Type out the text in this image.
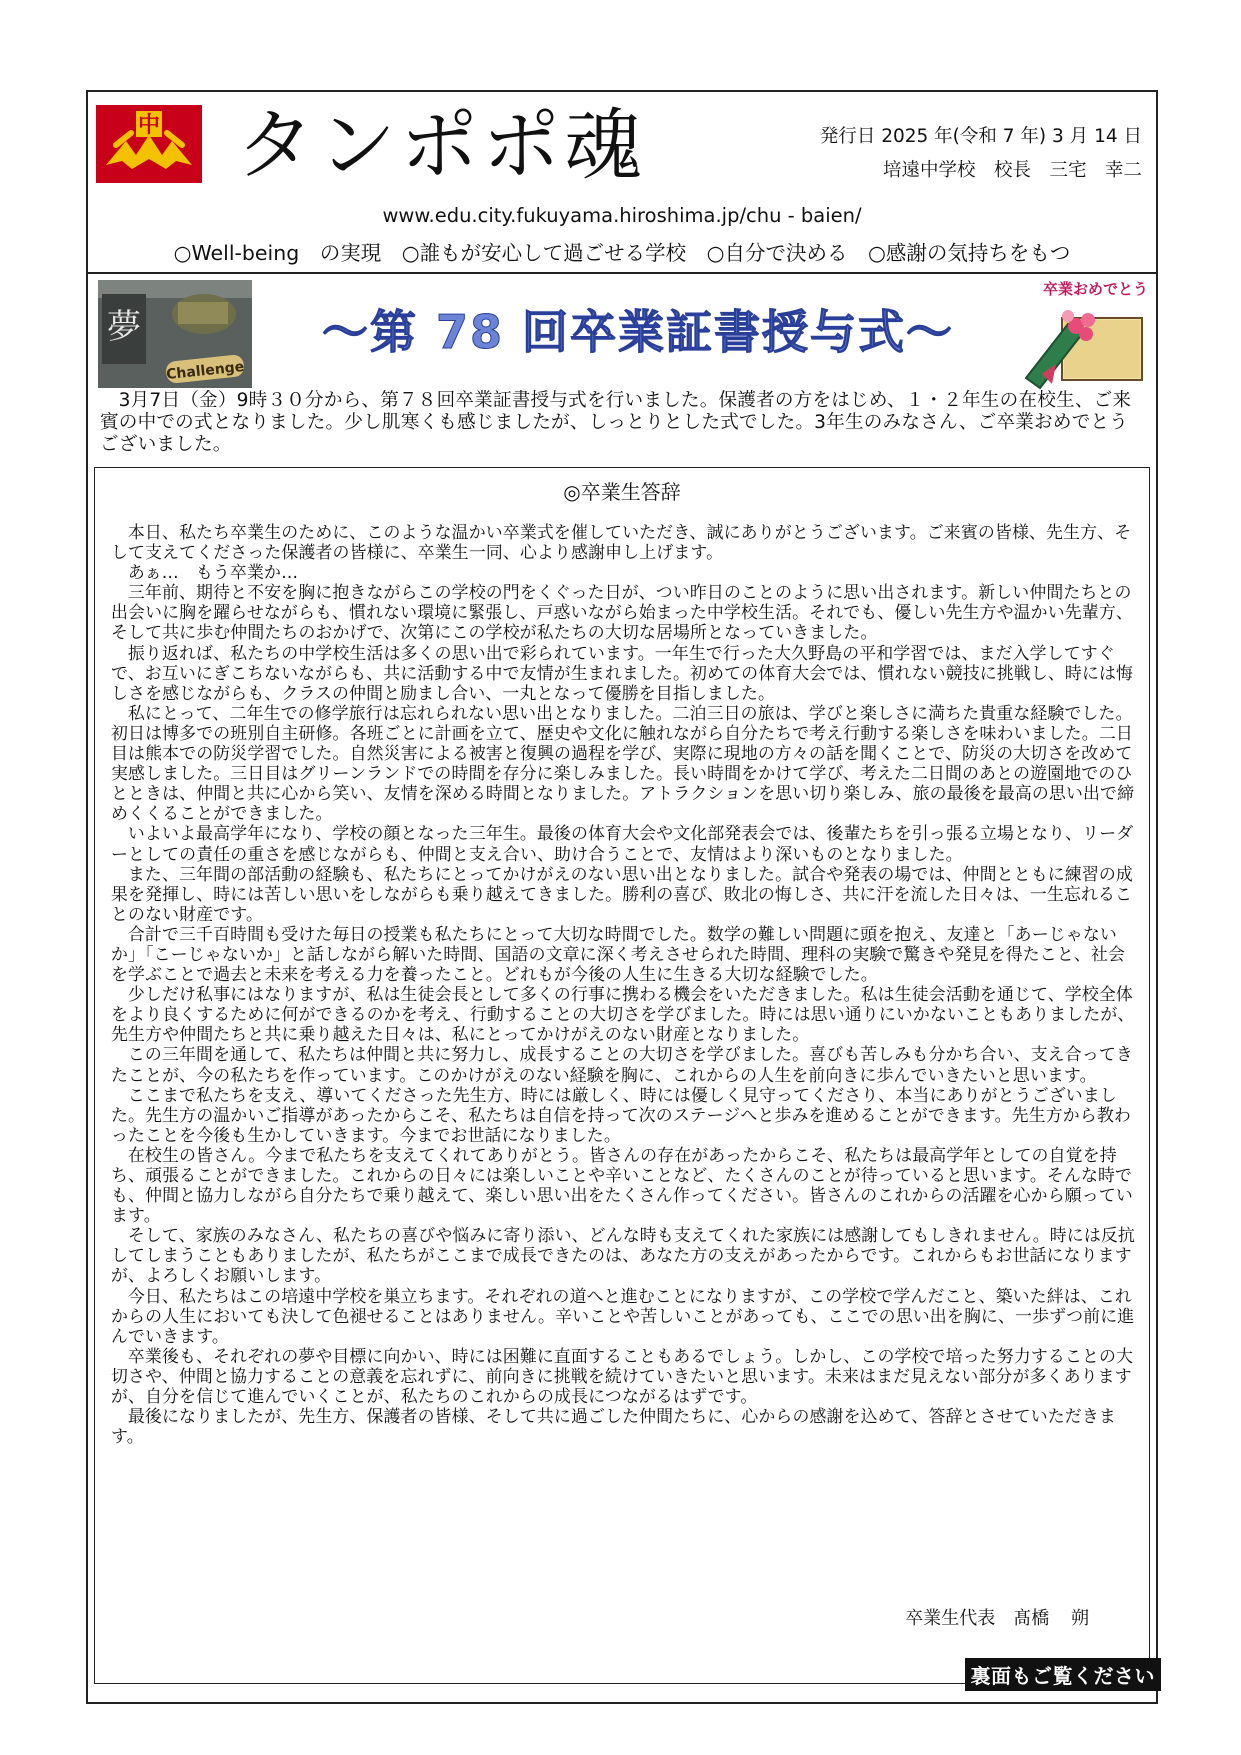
中 タンポポ魂	発行日 2025 年(令和 7 年) 3 月 14 日
培遠中学校　校長　三宅　幸二
www.edu.city.fukuyama.hiroshima.jp/chu - baien/
○Well-being の実現　○誰もが安心して過ごせる学校　○自分で決める　○感謝の気持ちをもつ
夢
Challenge
～第 78 回卒業証書授与式～
卒業おめでとう
3月7日（金）9時３０分から、第７８回卒業証書授与式を行いました。保護者の方をはじめ、１・２年生の在校生、ご来賓の中での式となりました。少し肌寒くも感じましたが、しっとりとした式でした。3年生のみなさん、ご卒業おめでとうございました。
◎卒業生答辞

本日、私たち卒業生のために、このような温かい卒業式を催していただき、誠にありがとうございます。ご来賓の皆様、先生方、そして支えてくださった保護者の皆様に、卒業生一同、心より感謝申し上げます。

あぁ…　もう卒業か…

三年前、期待と不安を胸に抱きながらこの学校の門をくぐった日が、つい昨日のことのように思い出されます。新しい仲間たちとの出会いに胸を躍らせながらも、慣れない環境に緊張し、戸惑いながら始まった中学校生活。それでも、優しい先生方や温かい先輩方、そして共に歩む仲間たちのおかげで、次第にこの学校が私たちの大切な居場所となっていきました。

振り返れば、私たちの中学校生活は多くの思い出で彩られています。一年生で行った大久野島の平和学習では、まだ入学してすぐで、お互いにぎこちないながらも、共に活動する中で友情が生まれました。初めての体育大会では、慣れない競技に挑戦し、時には悔しさを感じながらも、クラスの仲間と励まし合い、一丸となって優勝を目指しました。

私にとって、二年生での修学旅行は忘れられない思い出となりました。二泊三日の旅は、学びと楽しさに満ちた貴重な経験でした。初日は博多での班別自主研修。各班ごとに計画を立て、歴史や文化に触れながら自分たちで考え行動する楽しさを味わいました。二日目は熊本での防災学習でした。自然災害による被害と復興の過程を学び、実際に現地の方々の話を聞くことで、防災の大切さを改めて実感しました。三日目はグリーンランドでの時間を存分に楽しみました。長い時間をかけて学び、考えた二日間のあとの遊園地でのひとときは、仲間と共に心から笑い、友情を深める時間となりました。アトラクションを思い切り楽しみ、旅の最後を最高の思い出で締めくくることができました。

いよいよ最高学年になり、学校の顔となった三年生。最後の体育大会や文化部発表会では、後輩たちを引っ張る立場となり、リーダーとしての責任の重さを感じながらも、仲間と支え合い、助け合うことで、友情はより深いものとなりました。

また、三年間の部活動の経験も、私たちにとってかけがえのない思い出となりました。試合や発表の場では、仲間とともに練習の成果を発揮し、時には苦しい思いをしながらも乗り越えてきました。勝利の喜び、敗北の悔しさ、共に汗を流した日々は、一生忘れることのない財産です。

合計で三千百時間も受けた毎日の授業も私たちにとって大切な時間でした。数学の難しい問題に頭を抱え、友達と「あーじゃないか」「こーじゃないか」と話しながら解いた時間、国語の文章に深く考えさせられた時間、理科の実験で驚きや発見を得たこと、社会を学ぶことで過去と未来を考える力を養ったこと。どれもが今後の人生に生きる大切な経験でした。

少しだけ私事にはなりますが、私は生徒会長として多くの行事に携わる機会をいただきました。私は生徒会活動を通じて、学校全体をより良くするために何ができるのかを考え、行動することの大切さを学びました。時には思い通りにいかないこともありましたが、先生方や仲間たちと共に乗り越えた日々は、私にとってかけがえのない財産となりました。

この三年間を通して、私たちは仲間と共に努力し、成長することの大切さを学びました。喜びも苦しみも分かち合い、支え合ってきたことが、今の私たちを作っています。このかけがえのない経験を胸に、これからの人生を前向きに歩んでいきたいと思います。

ここまで私たちを支え、導いてくださった先生方、時には厳しく、時には優しく見守ってくださり、本当にありがとうございました。先生方の温かいご指導があったからこそ、私たちは自信を持って次のステージへと歩みを進めることができます。先生方から教わったことを今後も生かしていきます。今までお世話になりました。

在校生の皆さん。今まで私たちを支えてくれてありがとう。皆さんの存在があったからこそ、私たちは最高学年としての自覚を持ち、頑張ることができました。これからの日々には楽しいことや辛いことなど、たくさんのことが待っていると思います。そんな時でも、仲間と協力しながら自分たちで乗り越えて、楽しい思い出をたくさん作ってください。皆さんのこれからの活躍を心から願っています。

そして、家族のみなさん、私たちの喜びや悩みに寄り添い、どんな時も支えてくれた家族には感謝してもしきれません。時には反抗してしまうこともありましたが、私たちがここまで成長できたのは、あなた方の支えがあったからです。これからもお世話になりますが、よろしくお願いします。

今日、私たちはこの培遠中学校を巣立ちます。それぞれの道へと進むことになりますが、この学校で学んだこと、築いた絆は、これからの人生においても決して色褪せることはありません。辛いことや苦しいことがあっても、ここでの思い出を胸に、一歩ずつ前に進んでいきます。

卒業後も、それぞれの夢や目標に向かい、時には困難に直面することもあるでしょう。しかし、この学校で培った努力することの大切さや、仲間と協力することの意義を忘れずに、前向きに挑戦を続けていきたいと思います。未来はまだ見えない部分が多くありますが、自分を信じて進んでいくことが、私たちのこれからの成長につながるはずです。

最後になりましたが、先生方、保護者の皆様、そして共に過ごした仲間たちに、心からの感謝を込めて、答辞とさせていただきます。

卒業生代表　髙橋 朔
裏面もご覧ください
